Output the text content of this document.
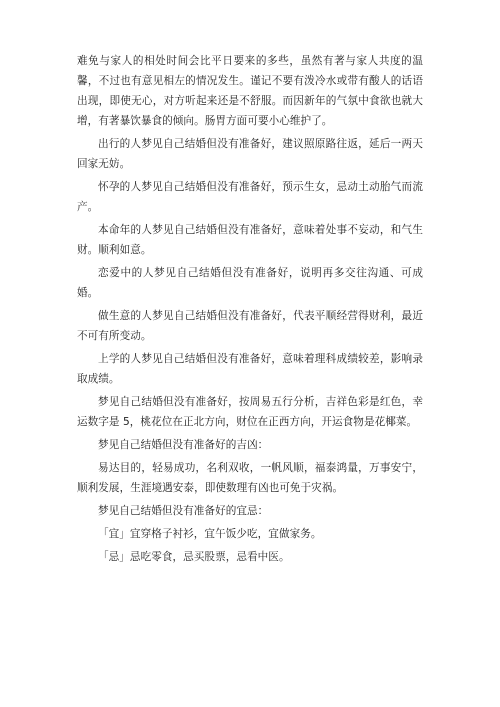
难免与家人的相处时间会比平日要来的多些，虽然有著与家人共度的温馨，不过也有意见相左的情况发生。谨记不要有泼冷水或带有酸人的话语出现，即使无心，对方听起来还是不舒服。而因新年的气氛中食欲也就大增，有著暴饮暴食的倾向。肠胃方面可要小心维护了。

出行的人梦见自己结婚但没有准备好，建议照原路往返，延后一两天回家无妨。

怀孕的人梦见自己结婚但没有准备好，预示生女，忌动土动胎气而流产。

本命年的人梦见自己结婚但没有准备好，意味着处事不妄动，和气生财。顺利如意。

恋爱中的人梦见自己结婚但没有准备好，说明再多交往沟通、可成婚。

做生意的人梦见自己结婚但没有准备好，代表平顺经营得财利，最近不可有所变动。

上学的人梦见自己结婚但没有准备好，意味着理科成绩较差，影响录取成绩。

梦见自己结婚但没有准备好，按周易五行分析，吉祥色彩是红色，幸运数字是 5，桃花位在正北方向，财位在正西方向，开运食物是花椰菜。

梦见自己结婚但没有准备好的吉凶：

易达目的，轻易成功，名利双收，一帆风顺，福泰鸿量，万事安宁，顺利发展，生涯境遇安泰，即使数理有凶也可免于灾祸。

梦见自己结婚但没有准备好的宜忌：

「宜」宜穿格子衬衫，宜午饭少吃，宜做家务。

「忌」忌吃零食，忌买股票，忌看中医。
